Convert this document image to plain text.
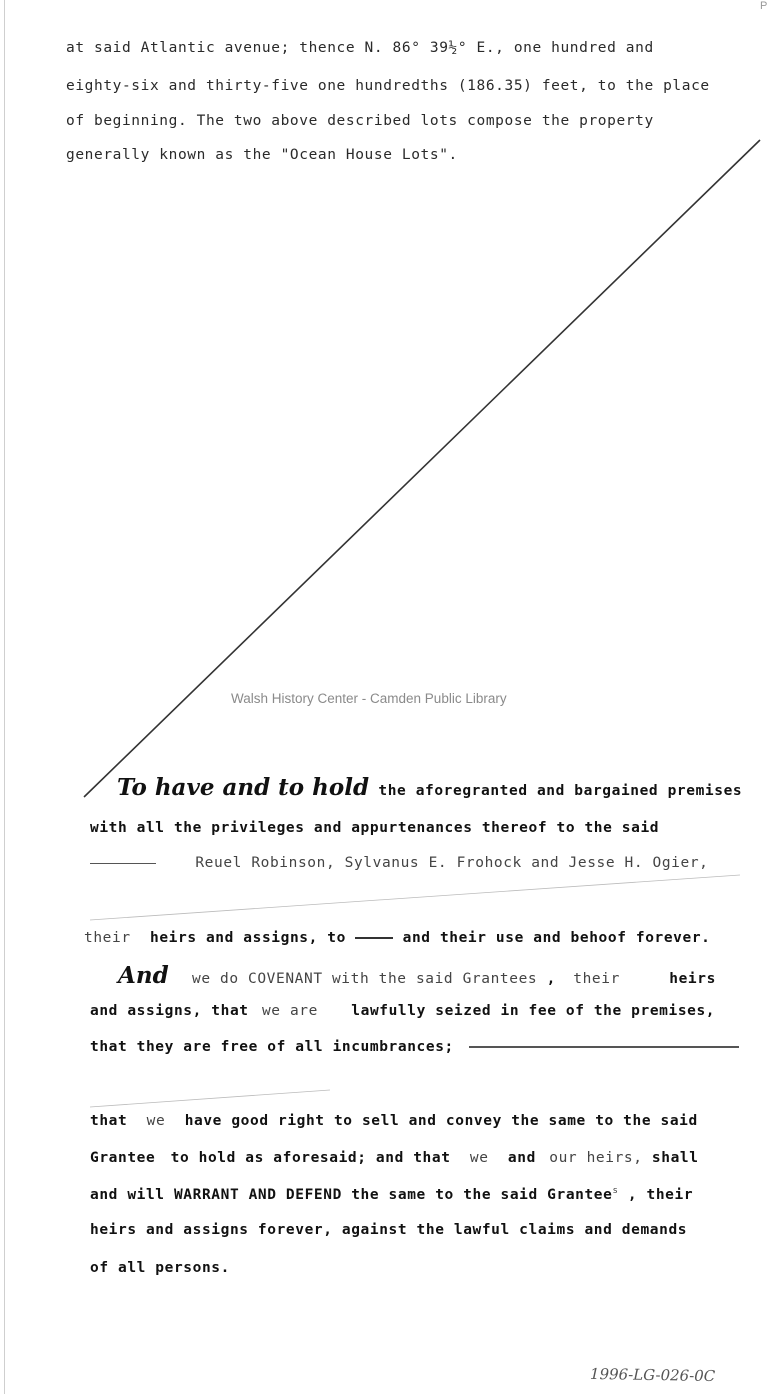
P
at said Atlantic avenue; thence N. 86° 39½° E., one hundred and
eighty-six and thirty-five one hundredths (186.35) feet, to the place
of beginning. The two above described lots compose the property
generally known as the "Ocean House Lots".
Walsh History Center - Camden Public Library
To have and to hold the aforegranted and bargained premises
with all the privileges and appurtenances thereof to the said
Reuel Robinson, Sylvanus E. Frohock and Jesse H. Ogier,
their heirs and assigns, to	and their use and behoof forever.
And we do COVENANT with the said Grantees , their	heirs
and assigns, that we are lawfully seized in fee of the premises,
that they are free of all incumbrances;
that we have good right to sell and convey the same to the said
Grantee to hold as aforesaid; and that we and our heirs, shall
and will WARRANT AND DEFEND the same to the said Grantee$^s$ , their
heirs and assigns forever, against the lawful claims and demands
of all persons.
1996-LG-026-0C
